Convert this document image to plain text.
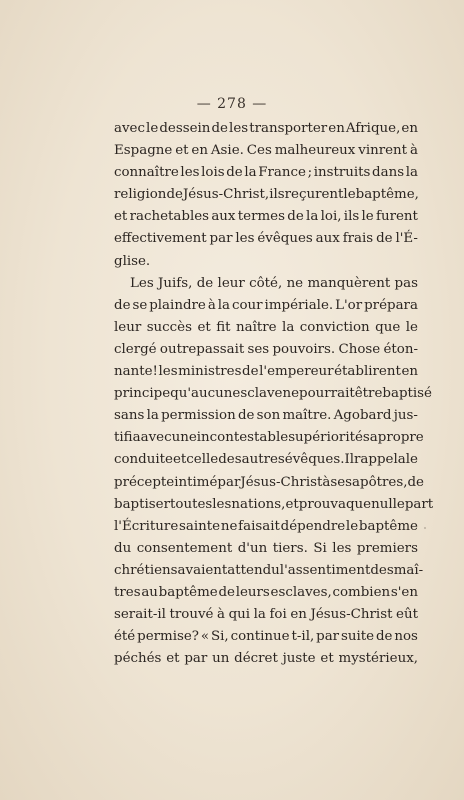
— 278 —
avec le dessein de les transporter en Afrique, en
Espagne et en Asie. Ces malheureux vinrent à
connaître les lois de la France ; instruits dans la
religion de Jésus-Christ, ils reçurent le baptême,
et rachetables aux termes de la loi, ils le furent
effectivement par les évêques aux frais de l'É-
glise.
Les Juifs, de leur côté, ne manquèrent pas
de se plaindre à la cour impériale. L'or prépara
leur succès et fit naître la conviction que le
clergé outrepassait ses pouvoirs. Chose éton-
nante! les ministres de l'empereur établirent en
principe qu'aucun esclave ne pourrait être baptisé
sans la permission de son maître. Agobard jus-
tifia avec une incontestable supériorité sa propre
conduite et celle des autres évêques. Il rappela le
précepte intimé par Jésus-Christ à ses apôtres, de
baptiser toutes les nations, et prouva que nulle part
l'Écriture sainte ne faisait dépendre le baptême
du consentement d'un tiers. Si les premiers
chrétiens avaient attendu l'assentiment des maî-
tres au baptême de leurs esclaves, combien s'en
serait-il trouvé à qui la foi en Jésus-Christ eût
été permise? « Si, continue t-il, par suite de nos
péchés et par un décret juste et mystérieux,
